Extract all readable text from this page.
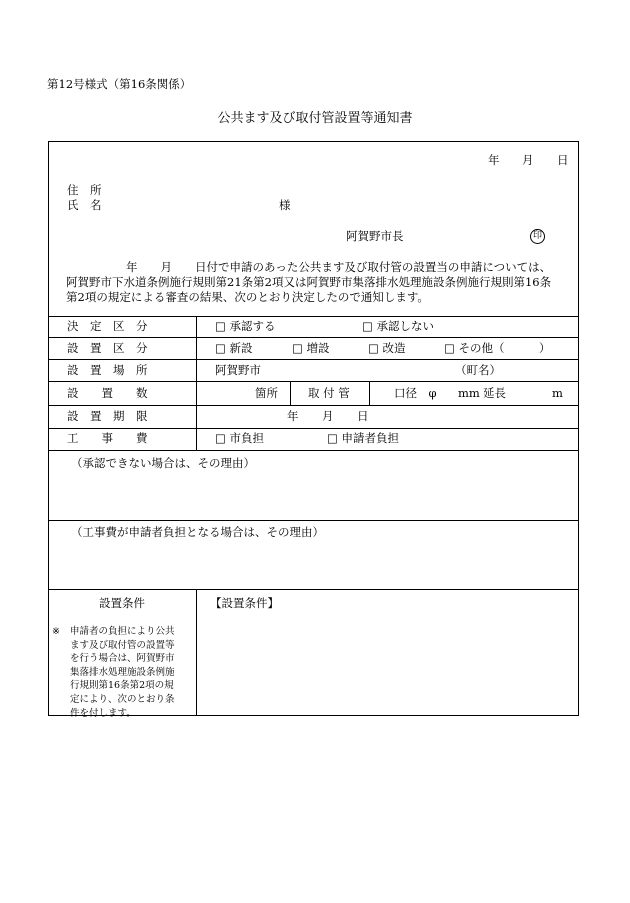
第12号様式（第16条関係）
公共ます及び取付管設置等通知書
年 月 日
住　所
氏　名	様
阿賀野市長	印
年　　月　　日付で申請のあった公共ます及び取付管の設置当の申請については、
阿賀野市下水道条例施行規則第21条第2項又は阿賀野市集落排水処理施設条例施行規則第16条
第2項の規定による審査の結果、次のとおり決定したので通知します。
決　定　区　分	□ 承認する	□ 承認しない
設　置　区　分	□ 新設	□ 増設	□ 改造	□ その他（　　　）
設　置　場　所	阿賀野市	（町名）
設　　置　　数	箇所	取 付 管	口径　φ mm 延長	m
設　置　期　限	年 月 日
工　　事　　費	□ 市負担	□ 申請者負担
（承認できない場合は、その理由）
（工事費が申請者負担となる場合は、その理由）
設置条件	【設置条件】
※ 申請者の負担により公共
ます及び取付管の設置等
を行う場合は、阿賀野市
集落排水処理施設条例施
行規則第16条第2項の規
定により、次のとおり条
件を付します。
